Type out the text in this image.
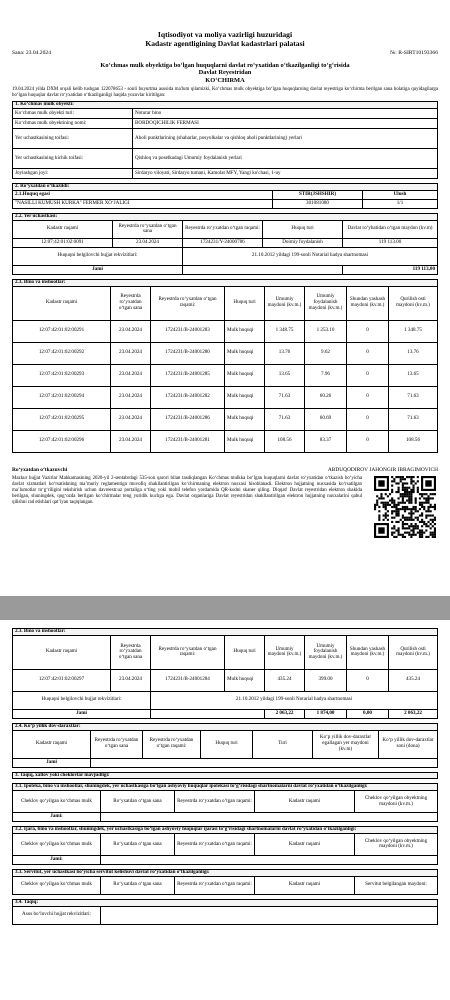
Iqtisodiyot va moliya vazirligi huzuridagi
Kadastr agentligining Davlat kadastrlari palatasi
Sana: 23.04.2024	№: R-SIRT10193366
Ko‘chmas mulk obyektiga bo‘lgan huquqlarni davlat ro‘yxatidan o‘tkazilganligi to‘g‘risida
Davlat Reyestridan
KO‘CHIRMA
19.04.2024 yilda DXM orqali kelib tushgan 122078653 - sonli buyurtma asosida ma'lum qilamizki, Ko‘chmas mulk obyektiga bo‘lgan huquqlarning davlat reyestriga ko‘chirma berilgan sana holatiga quyidagilarga bo‘lgan huquqlar davlat ro‘yxatidan o‘tkazilganligi haqida yozuvlar kiritilgan:
1. Ko‘chmas mulk obyekti:	
Ko‘chmas mulk obyekti turi:	Noturar bino
Ko‘chmas mulk obyektining nomi:	BORDOQICHILIK FERMASI
Yer uchastkasining toifasi:	Aholi punktlarining (shaharlar, posyolkalar va qishloq aholi punktlarining) yerlari
Yer uchastkasining kichik toifasi:	Qishloq va poselkadagi Umumiy foydalanish yerlari
Joylashgan joyi:	Sirdaryo viloyati, Sirdaryo tumani, Kamolat MFY, Yangi ko'chasi, 1-uy
2. Ro‘yxatdan o‘tkazildi:		
2.1.Huquq egasi	STIR(JSHSHIR)	Ulush
"NASILLI KUMUSH KURKA" FERMER XO‘JALIGI	301081080	1/1
2.2. Yer uchastkasi:				
Kadastr raqami	Reyestrda ro‘yxatdan o‘tgan sana	Reyestrda ro‘yxatdan o‘tgan raqami:	Huquq turi	Davlat ro‘yhatidan o‘tgan maydon (kv.m)
12:07:42:01:02:0091	23.04.2024	1724231/Y-24000786	Doimiy foydalanish	119 113.00
Huquqni belgilovchi hujjat rekvizitlari:		21.10.2012 yildagi 199-sonli Notarial hadya shartnomasi		
Jami				119 113,00
2.3. Bino va inshootlar:							
Kadastr raqami	Reyestrda ro‘yxatdan o‘tgan sana	Reyestrda ro‘yxatdan o‘tgan raqami:	Huquq turi	Umumiy maydoni (kv.m.)	Umumiy foydalanish maydoni (kv.m.)	Shundan yashash maydoni (kv.m.)	Qurilish osti maydoni (kv.m.)
12:07:42:01:02:00291	23.04.2024	1724231/B-24001283	Mulk huquqi	1 348.75	1 253.10	0	1 348.75
12:07:42:01:02:00292	23.04.2024	1724231/B-24001280	Mulk huquqi	13.76	9.62	0	13.76
12:07:42:01:02:00293	23.04.2024	1724231/B-24001285	Mulk huquqi	13.65	7.96	0	13.65
12:07:42:01:02:00294	23.04.2024	1724231/B-24001282	Mulk huquqi	71.63	60.26	0	71.63
12:07:42:01:02:00295	23.04.2024	1724231/B-24001286	Mulk huquqi	71.63	60.69	0	71.63
12:07:42:01:02:00296	23.04.2024	1724231/B-24001281	Mulk huquqi	108.56	83.37	0	108.56
Ro‘yxatdan o‘tkazuvchi	ABDUQODIROV JAHONGIR IBRAGIMOVICH
Mazkur hujjat Vazirlar Mahkamasining 2020-yil 2-sentabrdagi 535-son qarori bilan tasdiqlangan Ko‘chmas mulkka bo‘lgan huquqlarni davlat ro‘yxatidan o‘tkazish bo‘yicha davlat xizmatlari ko‘rsatishning ma’muriy reglamentiga muvofiq shakllantirilgan ko‘chirmaning elektron nusxasi hisoblanadi. Elektron hujjatning nusxasida ko‘rsatilgan ma’lumotlar to‘g‘riligini tekshirish uchun davreestr.uz portaliga o‘ting yoki mobil telefon yordamida QR-kodni skaner qiling. Diqqat! Davlat reyestridan elektron shaklda berilgan, shuningdek, qog‘ozda berilgan ko‘chirmalar teng yuridik kuchga ega. Davlat organlariga Davlat reyestridan shakllantirilgan elektron hujjatning nusxalarini qabul qilishni rad etishlari qat’iyan taqiqlangan.
2.3. Bino va inshootlar:							
Kadastr raqami	Reyestrda ro‘yxatdan o‘tgan sana	Reyestrda ro‘yxatdan o‘tgan raqami:	Huquq turi	Umumiy maydoni (kv.m.)	Umumiy foydalanish maydoni (kv.m.)	Shundan yashash maydoni (kv.m.)	Qurilish osti maydoni (kv.m.)
12:07:42:01:02:00297	23.04.2024	1724231/B-24001284	Mulk huquqi	435.24	399.00	0	435.24
Huquqni belgilovchi hujjat rekvizitlari:		21.10.2012 yildagi 199-sonli Notarial hadya shartnomasi					
Jami				2 063,22	1 874,00	0,00	2 063,22
2.4. Ko‘p yillik dov-daraxtlar:						
Kadastr raqami	Reyestrda ro‘yxatdan o‘tgan sana	Reyestrda ro‘yxatdan o‘tgan raqami:	Huquq turi	Turi	Ko‘p yillik dov-daraxtlar egallagan yer maydoni (kv.m)	Ko‘p yillik dov-daraxtlar soni (dona)
Jami						
3. Taqiq, xatlov yoki cheklovlar mavjudligi:
3.1. Ipoteka, bino va inshootlar, shuningdek, yer uchastkasiga bo‘lgan ashyoviy huquqlar ipotekasi to‘g‘risidagi shartnomalarni davlat ro‘yxatidan o‘tkazilganligi:				
Cheklov qo‘yilgan ko‘chmas mulk	Ro‘yxatdan o‘tgan sana	Reyestrda ro‘yxatdan o‘tgan raqami:	Kadastr raqami	Cheklov qo‘yilgan obyektning maydoni (kv.m.)
Jami:				
3.2. Ijara, bino va inshootlar, shuningdek, yer uchastkasiga bo‘lgan ashyoviy huquqlar ijarasi to‘g‘risidagi shartnomalarni davlat ro‘yxatidan o‘tkazilganligi:				
Cheklov qo‘yilgan ko‘chmas mulk	Ro‘yxatdan o‘tgan sana	Reyestrda ro‘yxatdan o‘tgan raqami:	Kadastr raqami	Cheklov qo‘yilgan obyektning maydoni (kv.m.)
Jami:				
3.3. Servitut, yer uchastkasi bo‘yicha servitut kelishuvi davlat ro‘yxatidan o‘tkazilganligi:
Cheklov qo‘yilgan ko‘chmas mulk	Ro‘yxatdan o‘tgan sana	Reyestrda ro‘yxatdan o‘tgan raqami:	Kadastr raqami	Servitut belgilangan maydoni:
3.4. Taqiq:
Asos bo‘luvchi hujjat rekvizitlari:	
